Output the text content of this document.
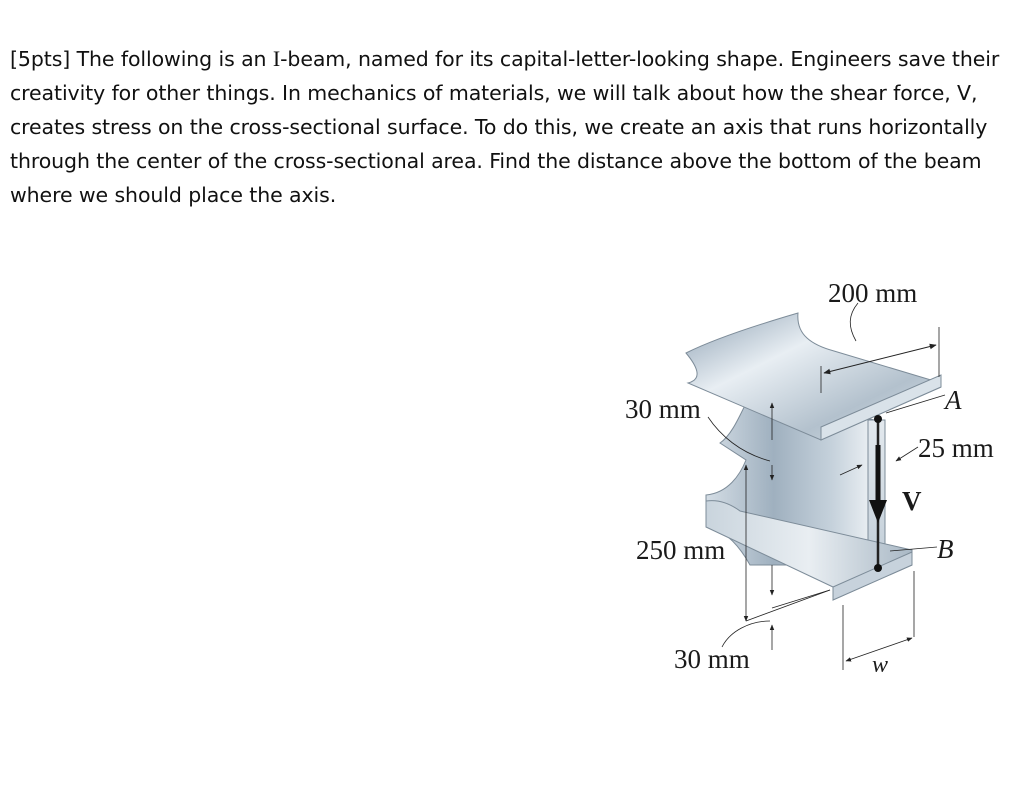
[5pts] The following is an I-beam, named for its capital-letter-looking shape. Engineers save their creativity for other things. In mechanics of materials, we will talk about how the shear force, V, creates stress on the cross-sectional surface. To do this, we create an axis that runs horizontally through the center of the cross-sectional area. Find the distance above the bottom of the beam where we should place the axis.
200 mm
30 mm	A
25 mm
V
B
250 mm
30 mm	w
